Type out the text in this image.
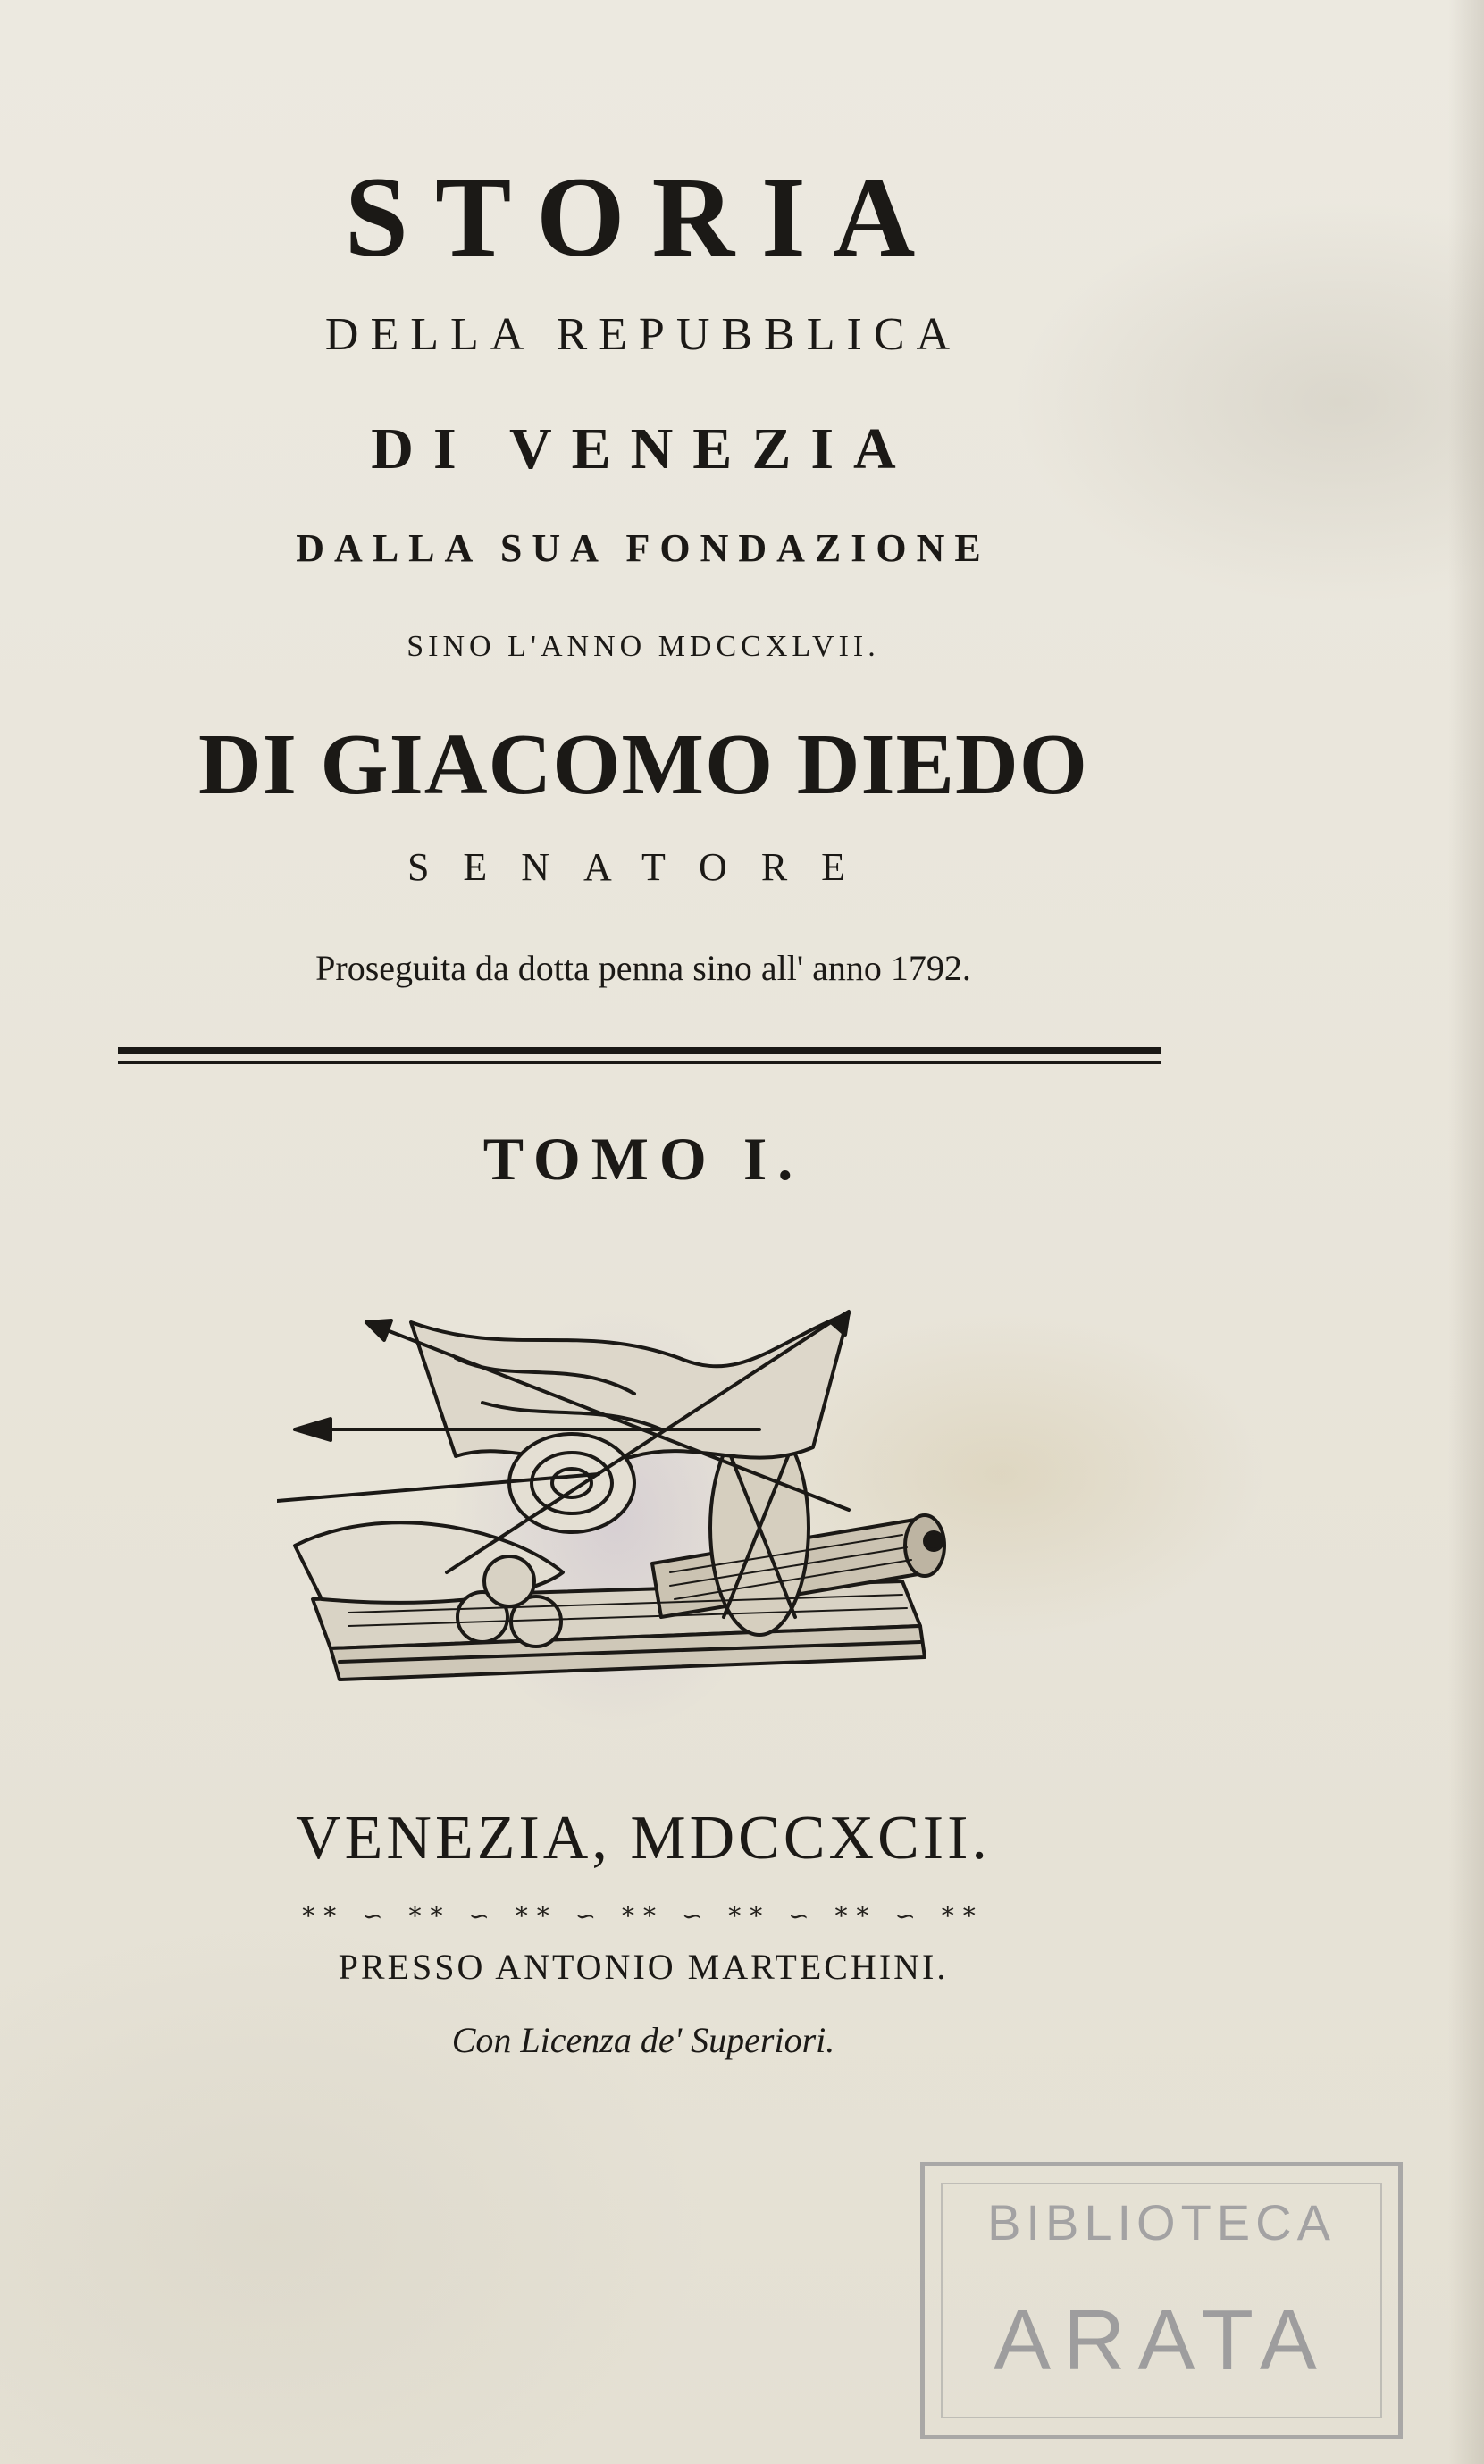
STORIA
DELLA REPUBBLICA
DI VENEZIA
DALLA SUA FONDAZIONE
SINO L'ANNO MDCCXLVII.
DI GIACOMO DIEDO
SENATORE
Proseguita da dotta penna sino all' anno 1792.
TOMO I.
VENEZIA, MDCCXCII.
** ∽ ** ∽ ** ∽ ** ∽ ** ∽ ** ∽ **
PRESSO ANTONIO MARTECHINI.
Con Licenza de' Superiori.
BIBLIOTECA
ARATA
